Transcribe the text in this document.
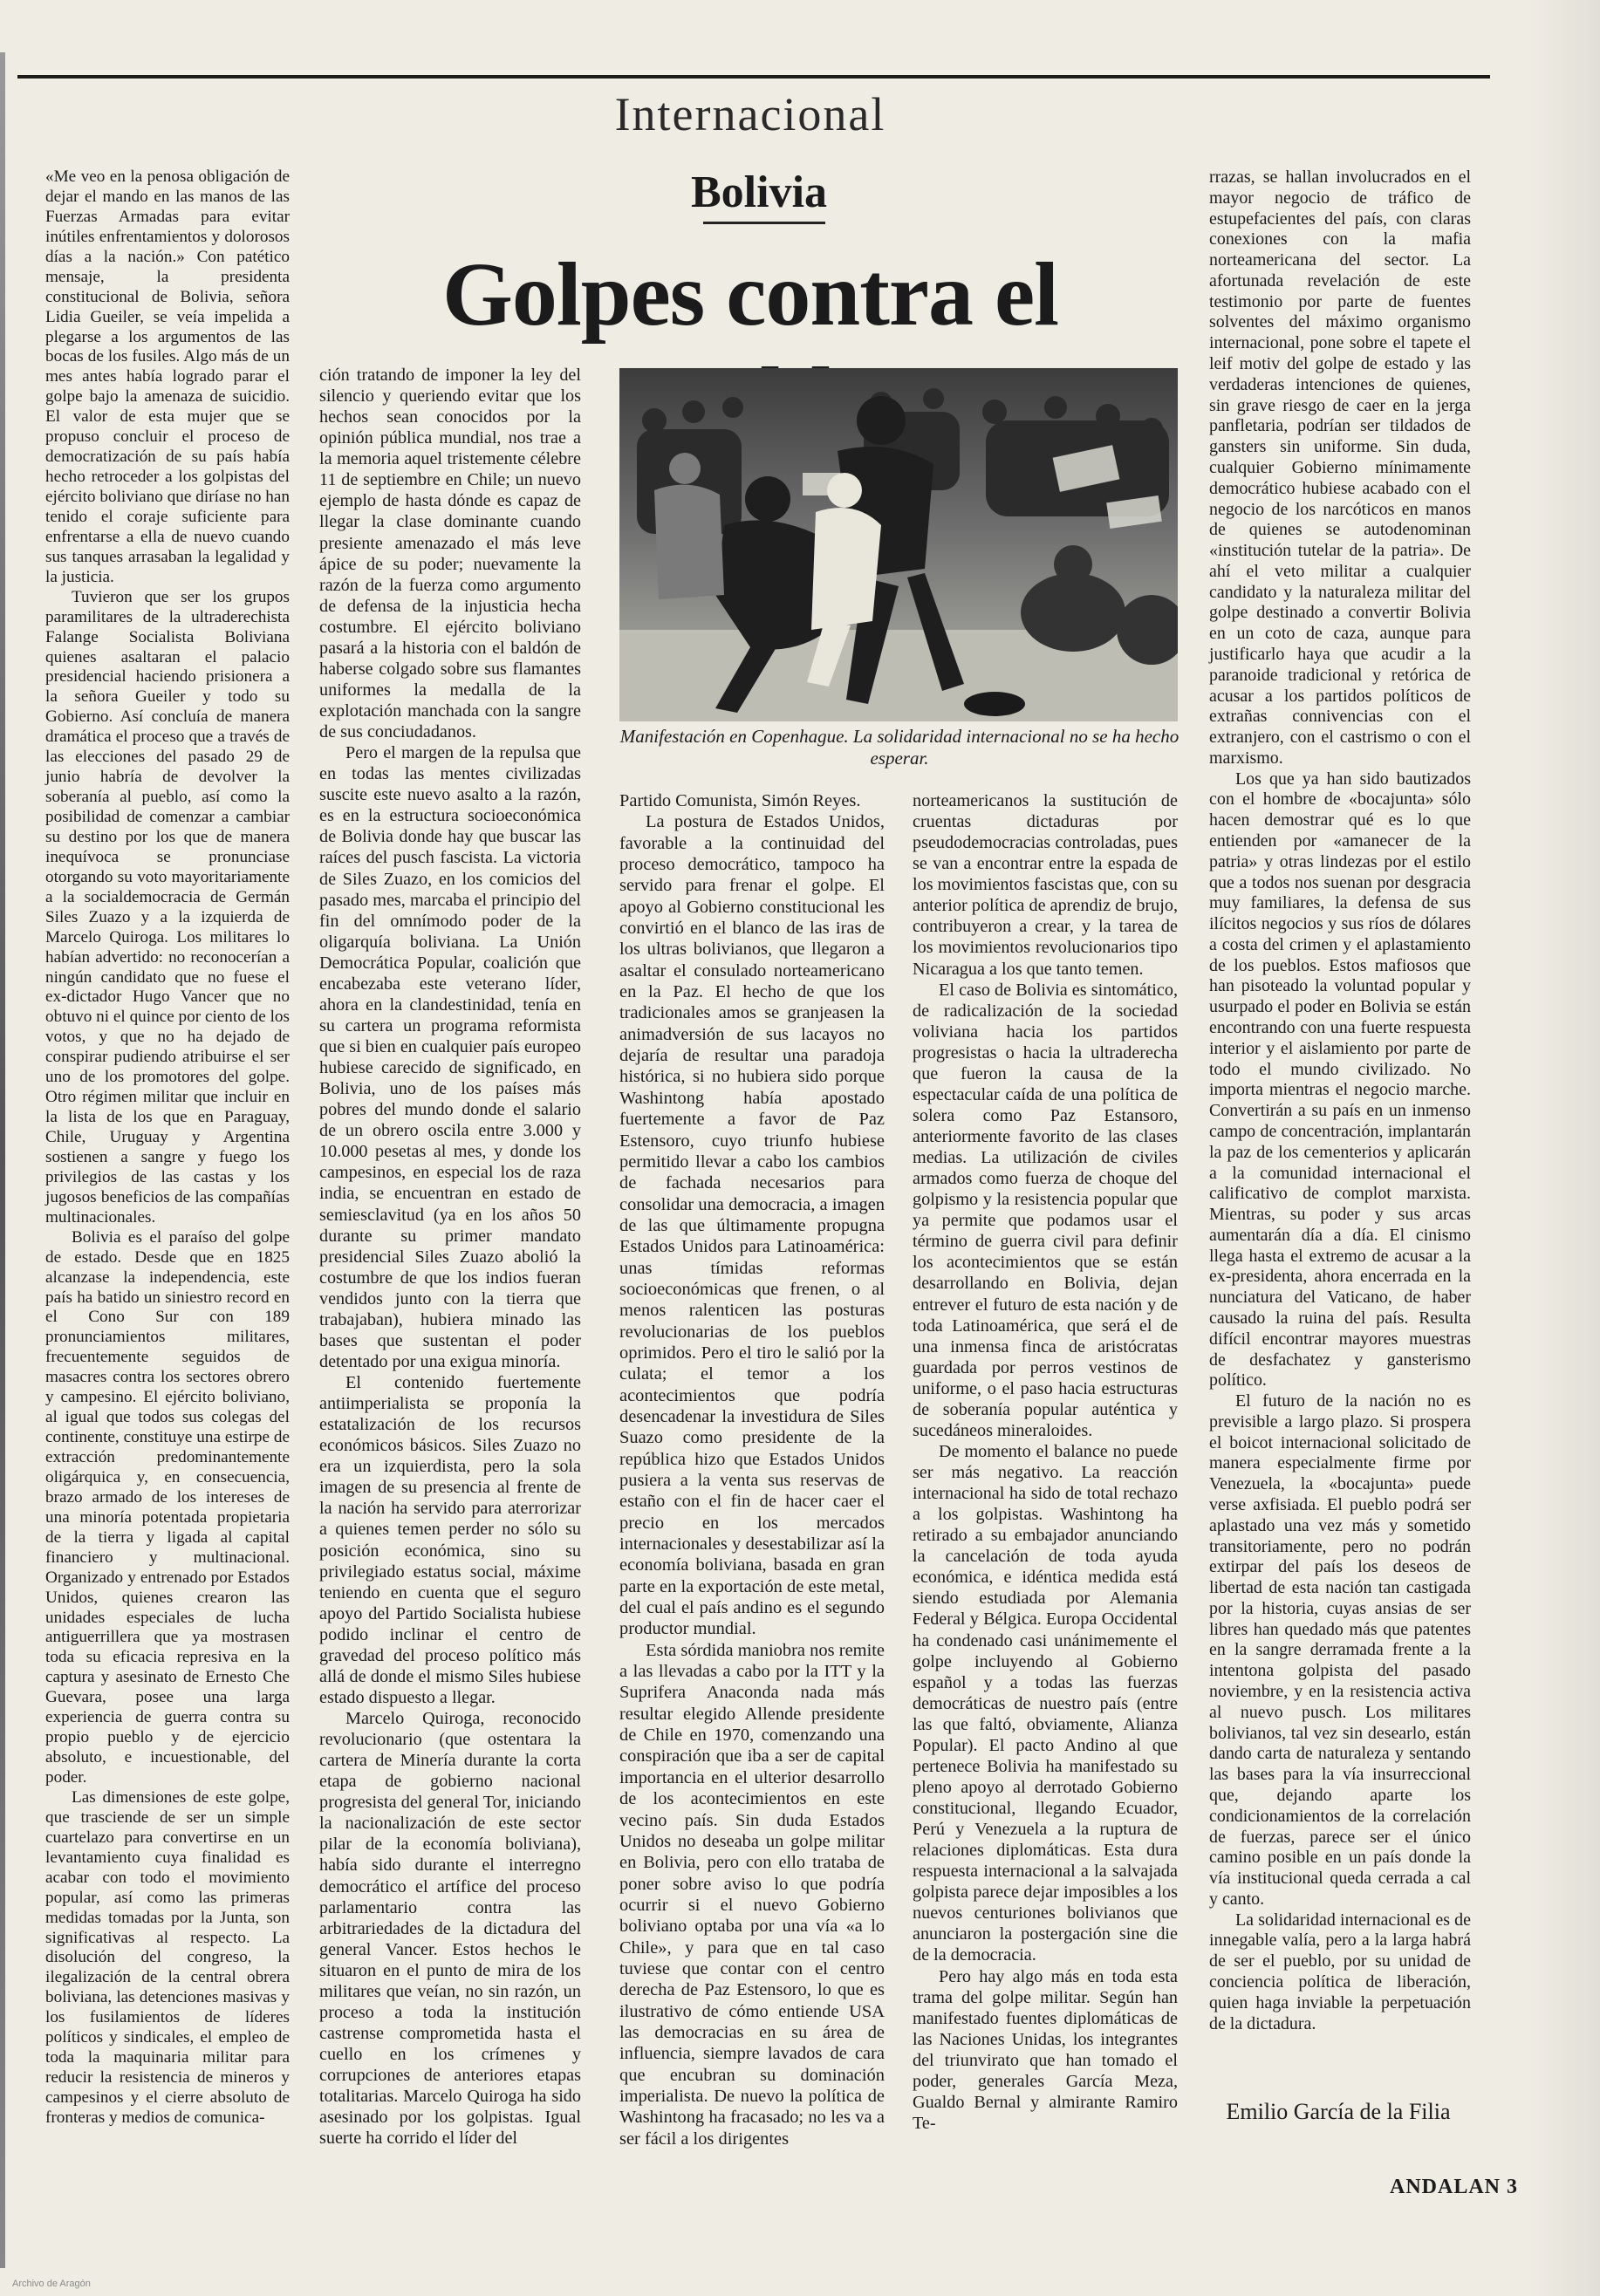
Internacional
Bolivia
Golpes contra el
Manifestación en Copenhague. La solidaridad internacional no se ha hecho esperar.

«Me veo en la penosa obligación de dejar el mando en las manos de las Fuerzas Armadas para evitar inútiles enfrentamientos y dolorosos días a la nación.» Con patético mensaje, la presidenta constitucional de Bolivia, señora Lidia Gueiler, se veía impelida a plegarse a los argumentos de las bocas de los fusiles. Algo más de un mes antes había logrado parar el golpe bajo la amenaza de suicidio. El valor de esta mujer que se propuso concluir el proceso de democratización de su país había hecho retroceder a los golpistas del ejército boliviano que diríase no han tenido el coraje suficiente para enfrentarse a ella de nuevo cuando sus tanques arrasaban la legalidad y la justicia.

Tuvieron que ser los grupos paramilitares de la ultraderechista Falange Socialista Boliviana quienes asaltaran el palacio presidencial haciendo prisionera a la señora Gueiler y todo su Gobierno. Así concluía de manera dramática el proceso que a través de las elecciones del pasado 29 de junio habría de devolver la soberanía al pueblo, así como la posibilidad de comenzar a cambiar su destino por los que de manera inequívoca se pronunciase otorgando su voto mayoritariamente a la socialdemocracia de Germán Siles Zuazo y a la izquierda de Marcelo Quiroga. Los militares lo habían advertido: no reconocerían a ningún candidato que no fuese el ex-dictador Hugo Vancer que no obtuvo ni el quince por ciento de los votos, y que no ha dejado de conspirar pudiendo atribuirse el ser uno de los promotores del golpe. Otro régimen militar que incluir en la lista de los que en Paraguay, Chile, Uruguay y Argentina sostienen a sangre y fuego los privilegios de las castas y los jugosos beneficios de las compañías multinacionales.

Bolivia es el paraíso del golpe de estado. Desde que en 1825 alcanzase la independencia, este país ha batido un siniestro record en el Cono Sur con 189 pronunciamientos militares, frecuentemente seguidos de masacres contra los sectores obrero y campesino. El ejército boliviano, al igual que todos sus colegas del continente, constituye una estirpe de extracción predominantemente oligárquica y, en consecuencia, brazo armado de los intereses de una minoría potentada propietaria de la tierra y ligada al capital financiero y multinacional. Organizado y entrenado por Estados Unidos, quienes crearon las unidades especiales de lucha antiguerrillera que ya mostrasen toda su eficacia represiva en la captura y asesinato de Ernesto Che Guevara, posee una larga experiencia de guerra contra su propio pueblo y de ejercicio absoluto, e incuestionable, del poder.

Las dimensiones de este golpe, que trasciende de ser un simple cuartelazo para convertirse en un levantamiento cuya finalidad es acabar con todo el movimiento popular, así como las primeras medidas tomadas por la Junta, son significativas al respecto. La disolución del congreso, la ilegalización de la central obrera boliviana, las detenciones masivas y los fusilamientos de líderes políticos y sindicales, el empleo de toda la maquinaria militar para reducir la resistencia de mineros y campesinos y el cierre absoluto de fronteras y medios de comunica-

ción tratando de imponer la ley del silencio y queriendo evitar que los hechos sean conocidos por la opinión pública mundial, nos trae a la memoria aquel tristemente célebre 11 de septiembre en Chile; un nuevo ejemplo de hasta dónde es capaz de llegar la clase dominante cuando presiente amenazado el más leve ápice de su poder; nuevamente la razón de la fuerza como argumento de defensa de la injusticia hecha costumbre. El ejército boliviano pasará a la historia con el baldón de haberse colgado sobre sus flamantes uniformes la medalla de la explotación manchada con la sangre de sus conciudadanos.

Pero el margen de la repulsa que en todas las mentes civilizadas suscite este nuevo asalto a la razón, es en la estructura socioeconómica de Bolivia donde hay que buscar las raíces del pusch fascista. La victoria de Siles Zuazo, en los comicios del pasado mes, marcaba el principio del fin del omnímodo poder de la oligarquía boliviana. La Unión Democrática Popular, coalición que encabezaba este veterano líder, ahora en la clandestinidad, tenía en su cartera un programa reformista que si bien en cualquier país europeo hubiese carecido de significado, en Bolivia, uno de los países más pobres del mundo donde el salario de un obrero oscila entre 3.000 y 10.000 pesetas al mes, y donde los campesinos, en especial los de raza india, se encuentran en estado de semiesclavitud (ya en los años 50 durante su primer mandato presidencial Siles Zuazo abolió la costumbre de que los indios fueran vendidos junto con la tierra que trabajaban), hubiera minado las bases que sustentan el poder detentado por una exigua minoría.

El contenido fuertemente antiimperialista se proponía la estatalización de los recursos económicos básicos. Siles Zuazo no era un izquierdista, pero la sola imagen de su presencia al frente de la nación ha servido para aterrorizar a quienes temen perder no sólo su posición económica, sino su privilegiado estatus social, máxime teniendo en cuenta que el seguro apoyo del Partido Socialista hubiese podido inclinar el centro de gravedad del proceso político más allá de donde el mismo Siles hubiese estado dispuesto a llegar.

Marcelo Quiroga, reconocido revolucionario (que ostentara la cartera de Minería durante la corta etapa de gobierno nacional progresista del general Tor, iniciando la nacionalización de este sector pilar de la economía boliviana), había sido durante el interregno democrático el artífice del proceso parlamentario contra las arbitrariedades de la dictadura del general Vancer. Estos hechos le situaron en el punto de mira de los militares que veían, no sin razón, un proceso a toda la institución castrense comprometida hasta el cuello en los crímenes y corrupciones de anteriores etapas totalitarias. Marcelo Quiroga ha sido asesinado por los golpistas. Igual suerte ha corrido el líder del

Partido Comunista, Simón Reyes.

La postura de Estados Unidos, favorable a la continuidad del proceso democrático, tampoco ha servido para frenar el golpe. El apoyo al Gobierno constitucional les convirtió en el blanco de las iras de los ultras bolivianos, que llegaron a asaltar el consulado norteamericano en la Paz. El hecho de que los tradicionales amos se granjeasen la animadversión de sus lacayos no dejaría de resultar una paradoja histórica, si no hubiera sido porque Washintong había apostado fuertemente a favor de Paz Estensoro, cuyo triunfo hubiese permitido llevar a cabo los cambios de fachada necesarios para consolidar una democracia, a imagen de las que últimamente propugna Estados Unidos para Latinoamérica: unas tímidas reformas socioeconómicas que frenen, o al menos ralenticen las posturas revolucionarias de los pueblos oprimidos. Pero el tiro le salió por la culata; el temor a los acontecimientos que podría desencadenar la investidura de Siles Suazo como presidente de la república hizo que Estados Unidos pusiera a la venta sus reservas de estaño con el fin de hacer caer el precio en los mercados internacionales y desestabilizar así la economía boliviana, basada en gran parte en la exportación de este metal, del cual el país andino es el segundo productor mundial.

Esta sórdida maniobra nos remite a las llevadas a cabo por la ITT y la Suprifera Anaconda nada más resultar elegido Allende presidente de Chile en 1970, comenzando una conspiración que iba a ser de capital importancia en el ulterior desarrollo de los acontecimientos en este vecino país. Sin duda Estados Unidos no deseaba un golpe militar en Bolivia, pero con ello trataba de poner sobre aviso lo que podría ocurrir si el nuevo Gobierno boliviano optaba por una vía «a lo Chile», y para que en tal caso tuviese que contar con el centro derecha de Paz Estensoro, lo que es ilustrativo de cómo entiende USA las democracias en su área de influencia, siempre lavados de cara que encubran su dominación imperialista. De nuevo la política de Washintong ha fracasado; no les va a ser fácil a los dirigentes

norteamericanos la sustitución de cruentas dictaduras por pseudodemocracias controladas, pues se van a encontrar entre la espada de los movimientos fascistas que, con su anterior política de aprendiz de brujo, contribuyeron a crear, y la tarea de los movimientos revolucionarios tipo Nicaragua a los que tanto temen.

El caso de Bolivia es sintomático, de radicalización de la sociedad voliviana hacia los partidos progresistas o hacia la ultraderecha que fueron la causa de la espectacular caída de una política de solera como Paz Estansoro, anteriormente favorito de las clases medias. La utilización de civiles armados como fuerza de choque del golpismo y la resistencia popular que ya permite que podamos usar el término de guerra civil para definir los acontecimientos que se están desarrollando en Bolivia, dejan entrever el futuro de esta nación y de toda Latinoamérica, que será el de una inmensa finca de aristócratas guardada por perros vestinos de uniforme, o el paso hacia estructuras de soberanía popular auténtica y sucedáneos mineraloides.

De momento el balance no puede ser más negativo. La reacción internacional ha sido de total rechazo a los golpistas. Washintong ha retirado a su embajador anunciando la cancelación de toda ayuda económica, e idéntica medida está siendo estudiada por Alemania Federal y Bélgica. Europa Occidental ha condenado casi unánimemente el golpe incluyendo al Gobierno español y a todas las fuerzas democráticas de nuestro país (entre las que faltó, obviamente, Alianza Popular). El pacto Andino al que pertenece Bolivia ha manifestado su pleno apoyo al derrotado Gobierno constitucional, llegando Ecuador, Perú y Venezuela a la ruptura de relaciones diplomáticas. Esta dura respuesta internacional a la salvajada golpista parece dejar imposibles a los nuevos centuriones bolivianos que anunciaron la postergación sine die de la democracia.

Pero hay algo más en toda esta trama del golpe militar. Según han manifestado fuentes diplomáticas de las Naciones Unidas, los integrantes del triunvirato que han tomado el poder, generales García Meza, Gualdo Bernal y almirante Ramiro Te-

rrazas, se hallan involucrados en el mayor negocio de tráfico de estupefacientes del país, con claras conexiones con la mafia norteamericana del sector. La afortunada revelación de este testimonio por parte de fuentes solventes del máximo organismo internacional, pone sobre el tapete el leif motiv del golpe de estado y las verdaderas intenciones de quienes, sin grave riesgo de caer en la jerga panfletaria, podrían ser tildados de gansters sin uniforme. Sin duda, cualquier Gobierno mínimamente democrático hubiese acabado con el negocio de los narcóticos en manos de quienes se autodenominan «institución tutelar de la patria». De ahí el veto militar a cualquier candidato y la naturaleza militar del golpe destinado a convertir Bolivia en un coto de caza, aunque para justificarlo haya que acudir a la paranoide tradicional y retórica de acusar a los partidos políticos de extrañas connivencias con el extranjero, con el castrismo o con el marxismo.

Los que ya han sido bautizados con el hombre de «bocajunta» sólo hacen demostrar qué es lo que entienden por «amanecer de la patria» y otras lindezas por el estilo que a todos nos suenan por desgracia muy familiares, la defensa de sus ilícitos negocios y sus ríos de dólares a costa del crimen y el aplastamiento de los pueblos. Estos mafiosos que han pisoteado la voluntad popular y usurpado el poder en Bolivia se están encontrando con una fuerte respuesta interior y el aislamiento por parte de todo el mundo civilizado. No importa mientras el negocio marche. Convertirán a su país en un inmenso campo de concentración, implantarán la paz de los cementerios y aplicarán a la comunidad internacional el calificativo de complot marxista. Mientras, su poder y sus arcas aumentarán día a día. El cinismo llega hasta el extremo de acusar a la ex-presidenta, ahora encerrada en la nunciatura del Vaticano, de haber causado la ruina del país. Resulta difícil encontrar mayores muestras de desfachatez y gansterismo político.

El futuro de la nación no es previsible a largo plazo. Si prospera el boicot internacional solicitado de manera especialmente firme por Venezuela, la «bocajunta» puede verse axfisiada. El pueblo podrá ser aplastado una vez más y sometido transitoriamente, pero no podrán extirpar del país los deseos de libertad de esta nación tan castigada por la historia, cuyas ansias de ser libres han quedado más que patentes en la sangre derramada frente a la intentona golpista del pasado noviembre, y en la resistencia activa al nuevo pusch. Los militares bolivianos, tal vez sin desearlo, están dando carta de naturaleza y sentando las bases para la vía insurreccional que, dejando aparte los condicionamientos de la correlación de fuerzas, parece ser el único camino posible en un país donde la vía institucional queda cerrada a cal y canto.

La solidaridad internacional es de innegable valía, pero a la larga habrá de ser el pueblo, por su unidad de conciencia política de liberación, quien haga inviable la perpetuación de la dictadura.

Emilio García de la Filia
ANDALAN 3
Archivo de Aragón
